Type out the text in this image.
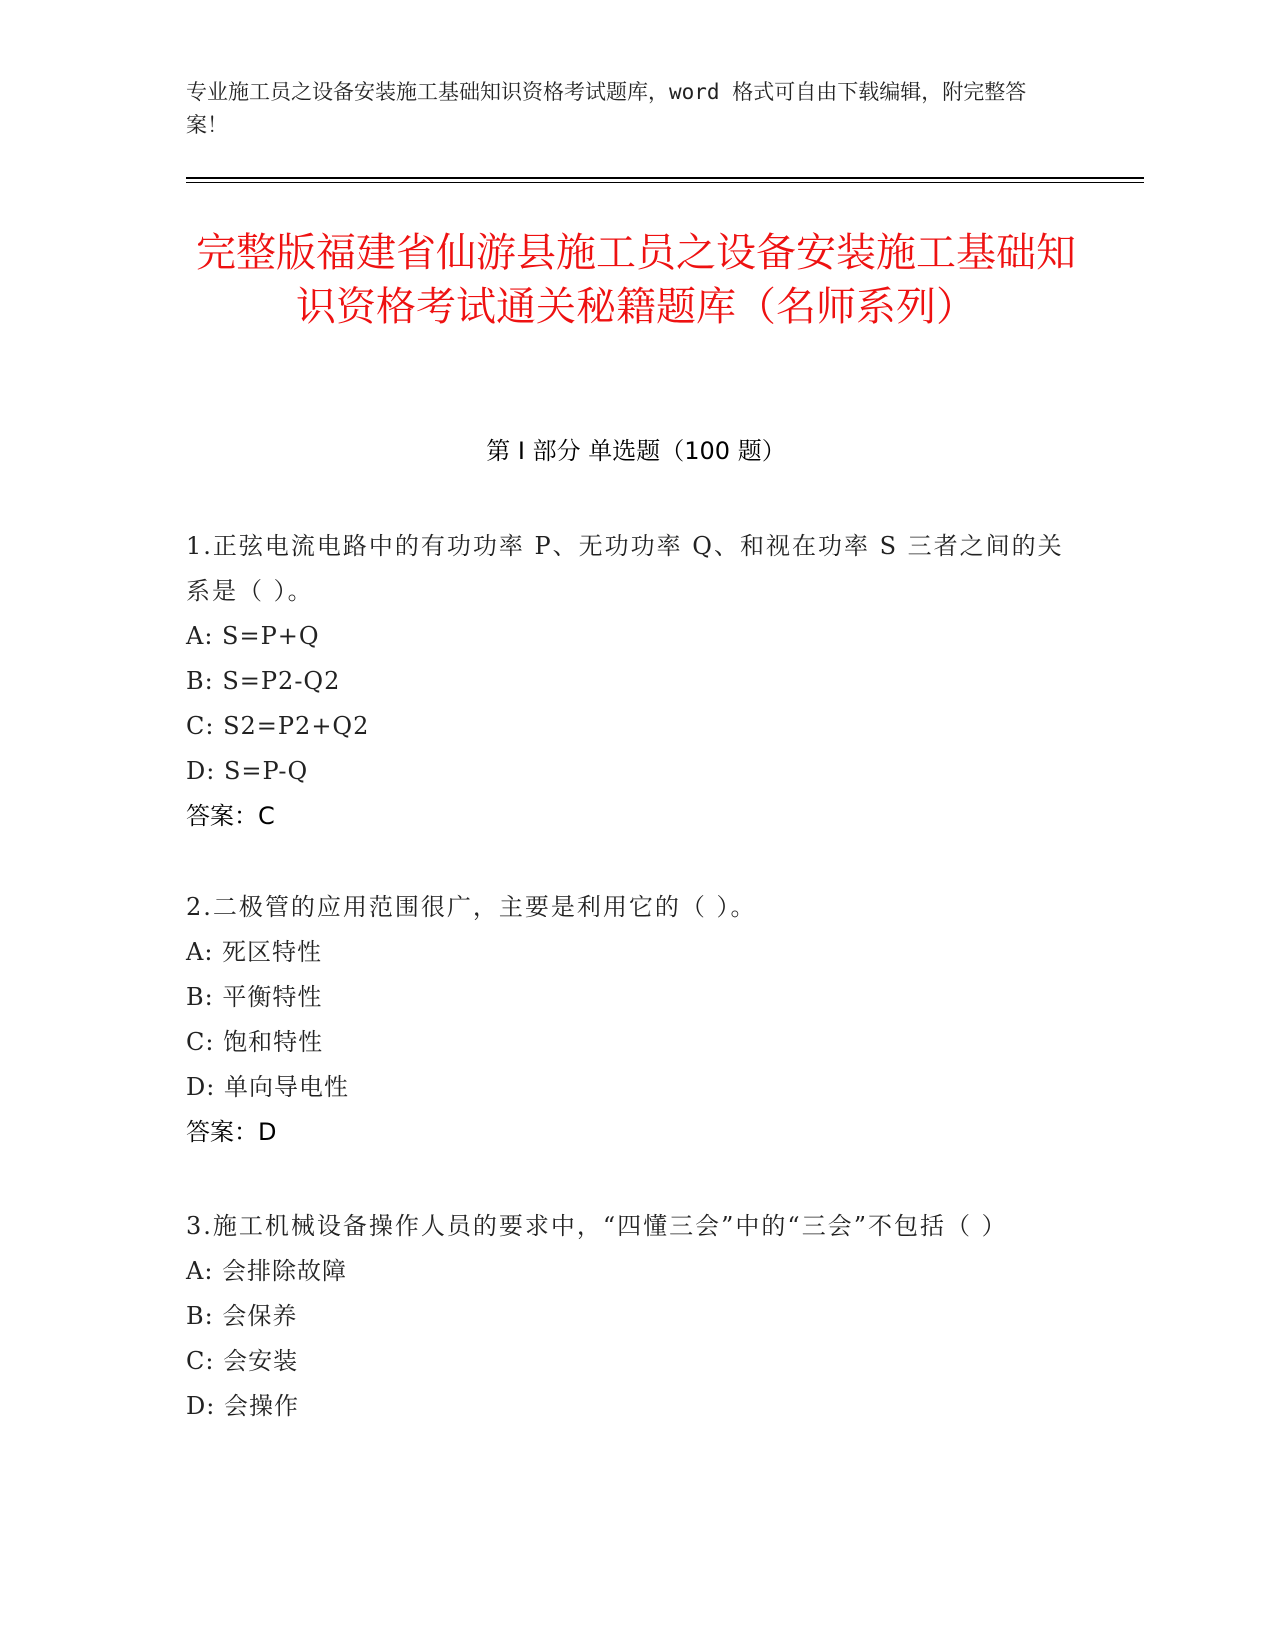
专业施工员之设备安装施工基础知识资格考试题库，word 格式可自由下载编辑，附完整答案！
完整版福建省仙游县施工员之设备安装施工基础知识资格考试通关秘籍题库（名师系列）
第 I 部分 单选题（100 题）
1.正弦电流电路中的有功功率 P、无功功率 Q、和视在功率 S 三者之间的关系是（ ）。
A: S=P+Q
B: S=P2-Q2
C: S2=P2+Q2
D: S=P-Q
答案：C
2.二极管的应用范围很广，主要是利用它的（ ）。
A: 死区特性
B: 平衡特性
C: 饱和特性
D: 单向导电性
答案：D
3.施工机械设备操作人员的要求中，“四懂三会”中的“三会”不包括（ ）
A: 会排除故障
B: 会保养
C: 会安装
D: 会操作
